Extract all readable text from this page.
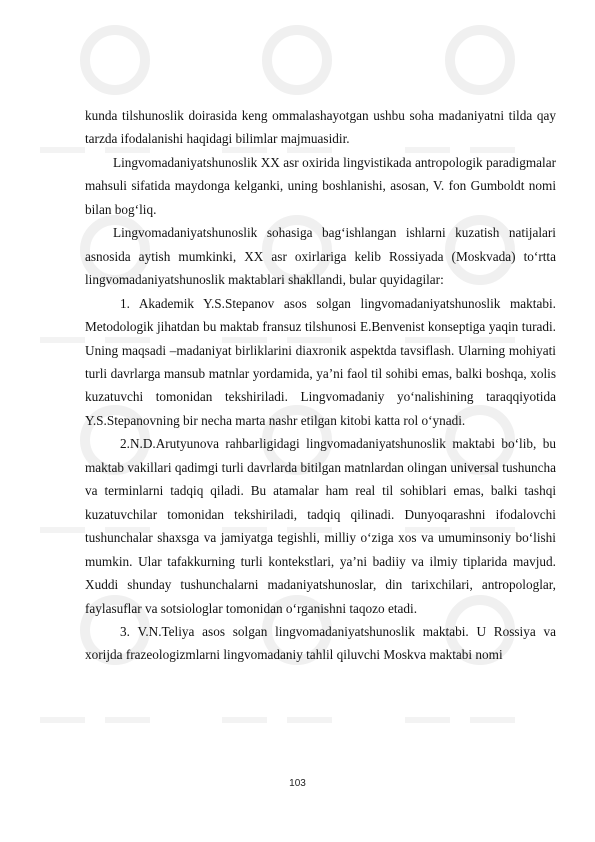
kunda tilshunoslik doirasida keng ommalashayotgan ushbu soha madaniyatni tilda qay tarzda ifodalanishi haqidagi bilimlar majmuasidir.

Lingvomadaniyatshunoslik XX asr oxirida lingvistikada antropologik paradigmalar mahsuli sifatida maydonga kelganki, uning boshlanishi, asosan, V. fon Gumboldt nomi bilan bog‘liq.

Lingvomadaniyatshunoslik sohasiga bag‘ishlangan ishlarni kuzatish natijalari asnosida aytish mumkinki, XX asr oxirlariga kelib Rossiyada (Moskvada) to‘rtta lingvomadaniyatshunoslik maktablari shakllandi, bular quyidagilar:

1. Akademik Y.S.Stepanov asos solgan lingvomadaniyatshunoslik maktabi. Metodologik jihatdan bu maktab fransuz tilshunosi E.Benvenist konseptiga yaqin turadi. Uning maqsadi –madaniyat birliklarini diaxronik aspektda tavsiflash. Ularning mohiyati turli davrlarga mansub matnlar yordamida, ya’ni faol til sohibi emas, balki boshqa, xolis kuzatuvchi tomonidan tekshiriladi. Lingvomadaniy yo‘nalishining taraqqiyotida Y.S.Stepanovning bir necha marta nashr etilgan kitobi katta rol o‘ynadi.

2.N.D.Arutyunova rahbarligidagi lingvomadaniyatshunoslik maktabi bo‘lib, bu maktab vakillari qadimgi turli davrlarda bitilgan matnlardan olingan universal tushuncha va terminlarni tadqiq qiladi. Bu atamalar ham real til sohiblari emas, balki tashqi kuzatuvchilar tomonidan tekshiriladi, tadqiq qilinadi. Dunyoqarashni ifodalovchi tushunchalar shaxsga va jamiyatga tegishli, milliy o‘ziga xos va umuminsoniy bo‘lishi mumkin. Ular tafakkurning turli kontekstlari, ya’ni badiiy va ilmiy tiplarida mavjud. Xuddi shunday tushunchalarni madaniyatshunoslar, din tarixchilari, antropologlar, faylasuflar va sotsiologlar tomonidan o‘rganishni taqozo etadi.

3. V.N.Teliya asos solgan lingvomadaniyatshunoslik maktabi. U Rossiya va xorijda frazeologizmlarni lingvomadaniy tahlil qiluvchi Moskva maktabi nomi

103
